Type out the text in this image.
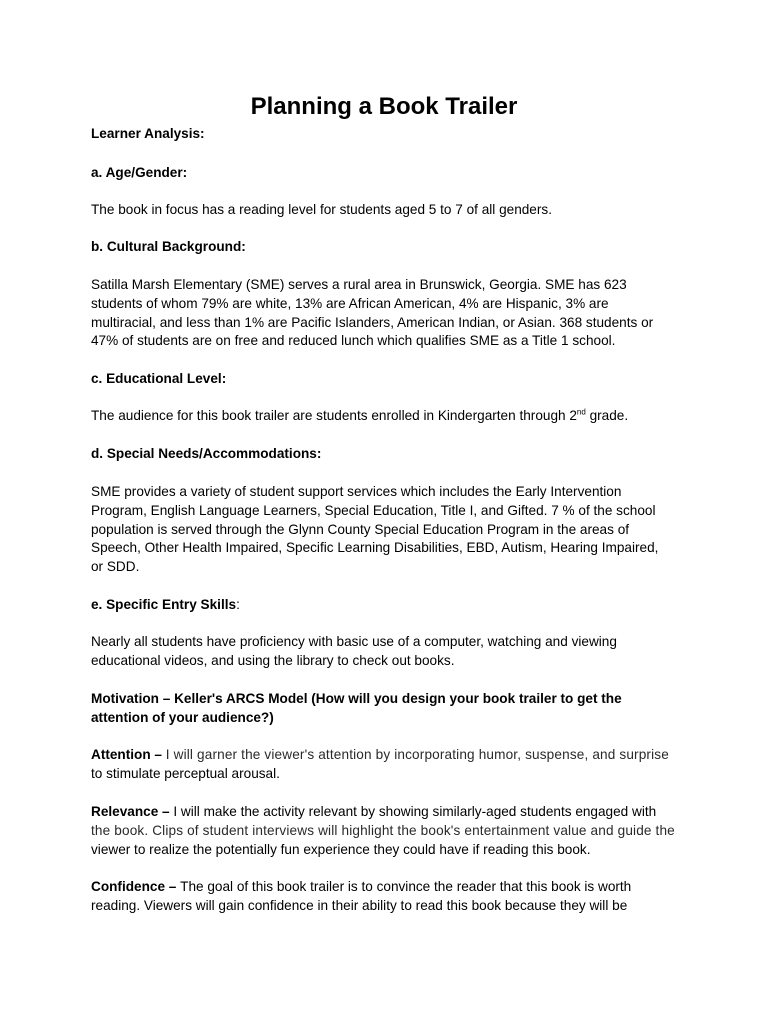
Planning a Book Trailer

Learner Analysis:

a. Age/Gender:

The book in focus has a reading level for students aged 5 to 7 of all genders.

b. Cultural Background:

Satilla Marsh Elementary (SME) serves a rural area in Brunswick, Georgia. SME has 623
students of whom 79% are white, 13% are African American, 4% are Hispanic, 3% are
multiracial, and less than 1% are Pacific Islanders, American Indian, or Asian. 368 students or
47% of students are on free and reduced lunch which qualifies SME as a Title 1 school.

c. Educational Level:

The audience for this book trailer are students enrolled in Kindergarten through 2nd grade.

d. Special Needs/Accommodations:

SME provides a variety of student support services which includes the Early Intervention
Program, English Language Learners, Special Education, Title I, and Gifted. 7 % of the school
population is served through the Glynn County Special Education Program in the areas of
Speech, Other Health Impaired, Specific Learning Disabilities, EBD, Autism, Hearing Impaired,
or SDD.

e. Specific Entry Skills:

Nearly all students have proficiency with basic use of a computer, watching and viewing
educational videos, and using the library to check out books.
Motivation – Keller's ARCS Model (How will you design your book trailer to get the
attention of your audience?)
Attention – I will garner the viewer's attention by incorporating humor, suspense, and surprise
to stimulate perceptual arousal.
Relevance – I will make the activity relevant by showing similarly-aged students engaged with
the book. Clips of student interviews will highlight the book's entertainment value and guide the
viewer to realize the potentially fun experience they could have if reading this book.
Confidence – The goal of this book trailer is to convince the reader that this book is worth
reading. Viewers will gain confidence in their ability to read this book because they will be
